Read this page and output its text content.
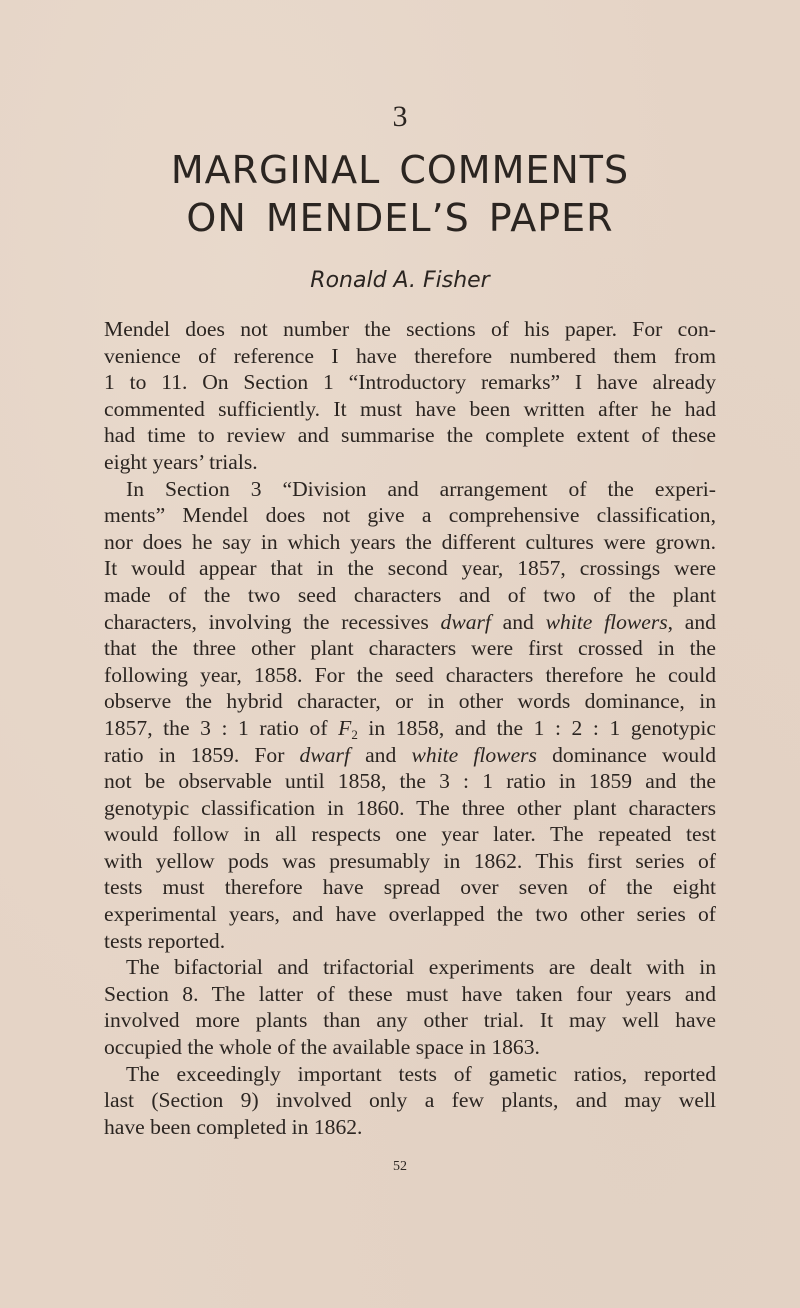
3
MARGINAL COMMENTS
ON MENDEL’S PAPER
Ronald A. Fisher
Mendel does not number the sections of his paper. For con-
venience of reference I have therefore numbered them from
1 to 11. On Section 1 “Introductory remarks” I have already
commented sufficiently. It must have been written after he had
had time to review and summarise the complete extent of these
eight years’ trials.
In Section 3 “Division and arrangement of the experi-
ments” Mendel does not give a comprehensive classification,
nor does he say in which years the different cultures were grown.
It would appear that in the second year, 1857, crossings were
made of the two seed characters and of two of the plant
characters, involving the recessives dwarf and white flowers, and
that the three other plant characters were first crossed in the
following year, 1858. For the seed characters therefore he could
observe the hybrid character, or in other words dominance, in
1857, the 3 : 1 ratio of $F_2$ in 1858, and the 1 : 2 : 1 genotypic
ratio in 1859. For dwarf and white flowers dominance would
not be observable until 1858, the 3 : 1 ratio in 1859 and the
genotypic classification in 1860. The three other plant characters
would follow in all respects one year later. The repeated test
with yellow pods was presumably in 1862. This first series of
tests must therefore have spread over seven of the eight
experimental years, and have overlapped the two other series of
tests reported.
The bifactorial and trifactorial experiments are dealt with in
Section 8. The latter of these must have taken four years and
involved more plants than any other trial. It may well have
occupied the whole of the available space in 1863.
The exceedingly important tests of gametic ratios, reported
last (Section 9) involved only a few plants, and may well
have been completed in 1862.
52
